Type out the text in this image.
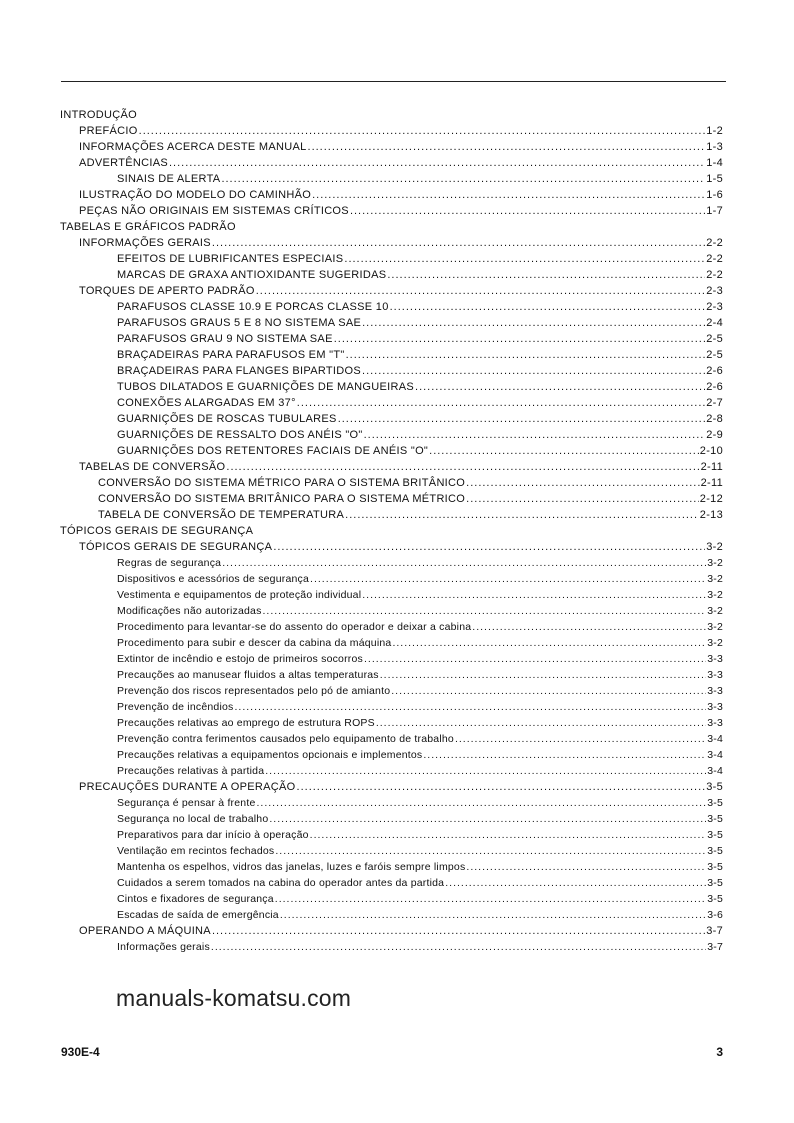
INTRODUÇÃO
PREFÁCIO .....	1-2
INFORMAÇÕES ACERCA DESTE MANUAL .....	1-3
ADVERTÊNCIAS .....	1-4
SINAIS DE ALERTA .....	1-5
ILUSTRAÇÃO DO MODELO DO CAMINHÃO .....	1-6
PEÇAS NÃO ORIGINAIS EM SISTEMAS CRÍTICOS .....	1-7
TABELAS E GRÁFICOS PADRÃO
INFORMAÇÕES GERAIS .....	2-2
EFEITOS DE LUBRIFICANTES ESPECIAIS .....	2-2
MARCAS DE GRAXA ANTIOXIDANTE SUGERIDAS .....	2-2
TORQUES DE APERTO PADRÃO .....	2-3
PARAFUSOS CLASSE 10.9 E PORCAS CLASSE 10 .....	2-3
PARAFUSOS GRAUS 5 E 8 NO SISTEMA SAE .....	2-4
PARAFUSOS GRAU 9 NO SISTEMA SAE .....	2-5
BRAÇADEIRAS PARA PARAFUSOS EM "T" .....	2-5
BRAÇADEIRAS PARA FLANGES BIPARTIDOS .....	2-6
TUBOS DILATADOS E GUARNIÇÕES DE MANGUEIRAS .....	2-6
CONEXÕES ALARGADAS EM 37° .....	2-7
GUARNIÇÕES DE ROSCAS TUBULARES .....	2-8
GUARNIÇÕES DE RESSALTO DOS ANÉIS "O" .....	2-9
GUARNIÇÕES DOS RETENTORES FACIAIS DE ANÉIS "O" .....	2-10
TABELAS DE CONVERSÃO .....	2-11
CONVERSÃO DO SISTEMA MÉTRICO PARA O SISTEMA BRITÂNICO .....	2-11
CONVERSÃO DO SISTEMA BRITÂNICO PARA O SISTEMA MÉTRICO .....	2-12
TABELA DE CONVERSÃO DE TEMPERATURA .....	2-13
TÓPICOS GERAIS DE SEGURANÇA
TÓPICOS GERAIS DE SEGURANÇA .....	3-2
Regras de segurança .....	3-2
Dispositivos e acessórios de segurança .....	3-2
Vestimenta e equipamentos de proteção individual .....	3-2
Modificações não autorizadas .....	3-2
Procedimento para levantar-se do assento do operador e deixar a cabina .....	3-2
Procedimento para subir e descer da cabina da máquina .....	3-2
Extintor de incêndio e estojo de primeiros socorros .....	3-3
Precauções ao manusear fluidos a altas temperaturas .....	3-3
Prevenção dos riscos representados pelo pó de amianto .....	3-3
Prevenção de incêndios .....	3-3
Precauções relativas ao emprego de estrutura ROPS .....	3-3
Prevenção contra ferimentos causados pelo equipamento de trabalho .....	3-4
Precauções relativas a equipamentos opcionais e implementos .....	3-4
Precauções relativas à partida .....	3-4
PRECAUÇÕES DURANTE A OPERAÇÃO .....	3-5
Segurança é pensar à frente .....	3-5
Segurança no local de trabalho .....	3-5
Preparativos para dar início à operação .....	3-5
Ventilação em recintos fechados .....	3-5
Mantenha os espelhos, vidros das janelas, luzes e faróis sempre limpos .....	3-5
Cuidados a serem tomados na cabina do operador antes da partida .....	3-5
Cintos e fixadores de segurança .....	3-5
Escadas de saída de emergência .....	3-6
OPERANDO A MÁQUINA .....	3-7
Informações gerais .....	3-7
manuals-komatsu.com
930E-4	3
